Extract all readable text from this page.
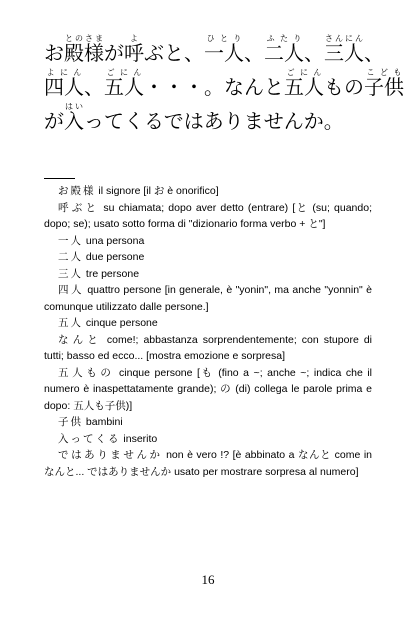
お殿様とのさまが呼よぶと、一人ひとり、二人ふたり、三人さんにん、
四人よにん、五人ごにん・・・。なんと五人ごにんもの子供こども
が入はいってくるではありませんか。
お殿様 il signore [il お è onorifico]
呼ぶと su chiamata; dopo aver detto (entrare) [と (su; quando; dopo; se); usato sotto forma di "dizionario forma verbo + と"]
一人 una persona
二人 due persone
三人 tre persone
四人 quattro persone [in generale, è "yonin", ma anche "yonnin" è comunque utilizzato dalle persone.]
五人 cinque persone
なんと come!; abbastanza sorprendentemente; con stupore di tutti; basso ed ecco... [mostra emozione e sorpresa]
五人もの cinque persone [も (fino a ~; anche ~; indica che il numero è inaspettatamente grande); の (di) collega le parole prima e dopo: 五人も子供)]
子供 bambini
入ってくる inserito
ではありませんか non è vero !? [è abbinato a なんと come in なんと... ではありませんか usato per mostrare sorpresa al numero]
16
